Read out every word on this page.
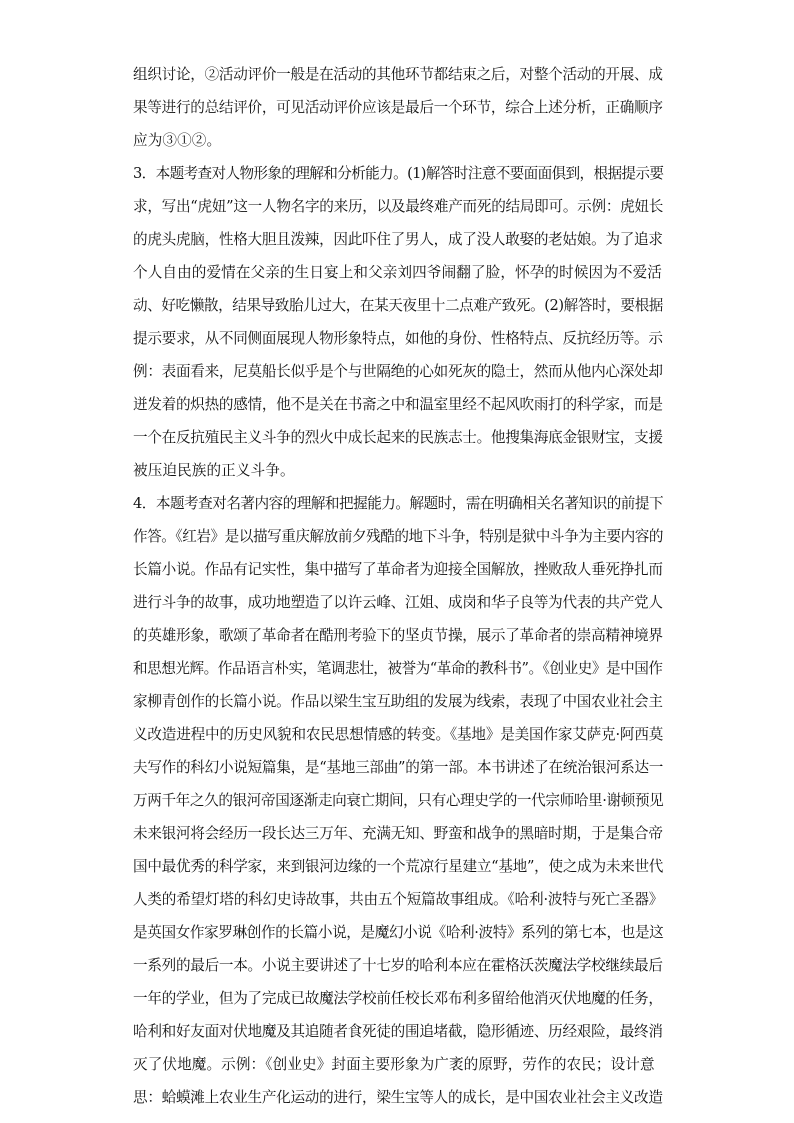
组织讨论，②活动评价一般是在活动的其他环节都结束之后，对整个活动的开展、成
果等进行的总结评价，可见活动评价应该是最后一个环节，综合上述分析，正确顺序
应为③①②。
3．本题考查对人物形象的理解和分析能力。(1)解答时注意不要面面俱到，根据提示要
求，写出“虎妞”这一人物名字的来历，以及最终难产而死的结局即可。示例：虎妞长
的虎头虎脑，性格大胆且泼辣，因此吓住了男人，成了没人敢娶的老姑娘。为了追求
个人自由的爱情在父亲的生日宴上和父亲刘四爷闹翻了脸，怀孕的时候因为不爱活
动、好吃懒散，结果导致胎儿过大，在某天夜里十二点难产致死。(2)解答时，要根据
提示要求，从不同侧面展现人物形象特点，如他的身份、性格特点、反抗经历等。示
例：表面看来，尼莫船长似乎是个与世隔绝的心如死灰的隐士，然而从他内心深处却
迸发着的炽热的感情，他不是关在书斋之中和温室里经不起风吹雨打的科学家，而是
一个在反抗殖民主义斗争的烈火中成长起来的民族志士。他搜集海底金银财宝，支援
被压迫民族的正义斗争。
4．本题考查对名著内容的理解和把握能力。解题时，需在明确相关名著知识的前提下
作答。《红岩》是以描写重庆解放前夕残酷的地下斗争，特别是狱中斗争为主要内容的
长篇小说。作品有记实性，集中描写了革命者为迎接全国解放，挫败敌人垂死挣扎而
进行斗争的故事，成功地塑造了以许云峰、江姐、成岗和华子良等为代表的共产党人
的英雄形象，歌颂了革命者在酷刑考验下的坚贞节操，展示了革命者的崇高精神境界
和思想光辉。作品语言朴实，笔调悲壮，被誉为“革命的教科书”。《创业史》是中国作
家柳青创作的长篇小说。作品以梁生宝互助组的发展为线索，表现了中国农业社会主
义改造进程中的历史风貌和农民思想情感的转变。《基地》是美国作家艾萨克·阿西莫
夫写作的科幻小说短篇集，是“基地三部曲”的第一部。本书讲述了在统治银河系达一
万两千年之久的银河帝国逐渐走向衰亡期间，只有心理史学的一代宗师哈里·谢顿预见
未来银河将会经历一段长达三万年、充满无知、野蛮和战争的黑暗时期，于是集合帝
国中最优秀的科学家，来到银河边缘的一个荒凉行星建立“基地”，使之成为未来世代
人类的希望灯塔的科幻史诗故事，共由五个短篇故事组成。《哈利·波特与死亡圣器》
是英国女作家罗琳创作的长篇小说，是魔幻小说《哈利·波特》系列的第七本，也是这
一系列的最后一本。小说主要讲述了十七岁的哈利本应在霍格沃茨魔法学校继续最后
一年的学业，但为了完成已故魔法学校前任校长邓布利多留给他消灭伏地魔的任务，
哈利和好友面对伏地魔及其追随者食死徒的围追堵截，隐形循迹、历经艰险，最终消
灭了伏地魔。示例：《创业史》封面主要形象为广袤的原野，劳作的农民；设计意
思：蛤蟆滩上农业生产化运动的进行，梁生宝等人的成长，是中国农业社会主义改造
